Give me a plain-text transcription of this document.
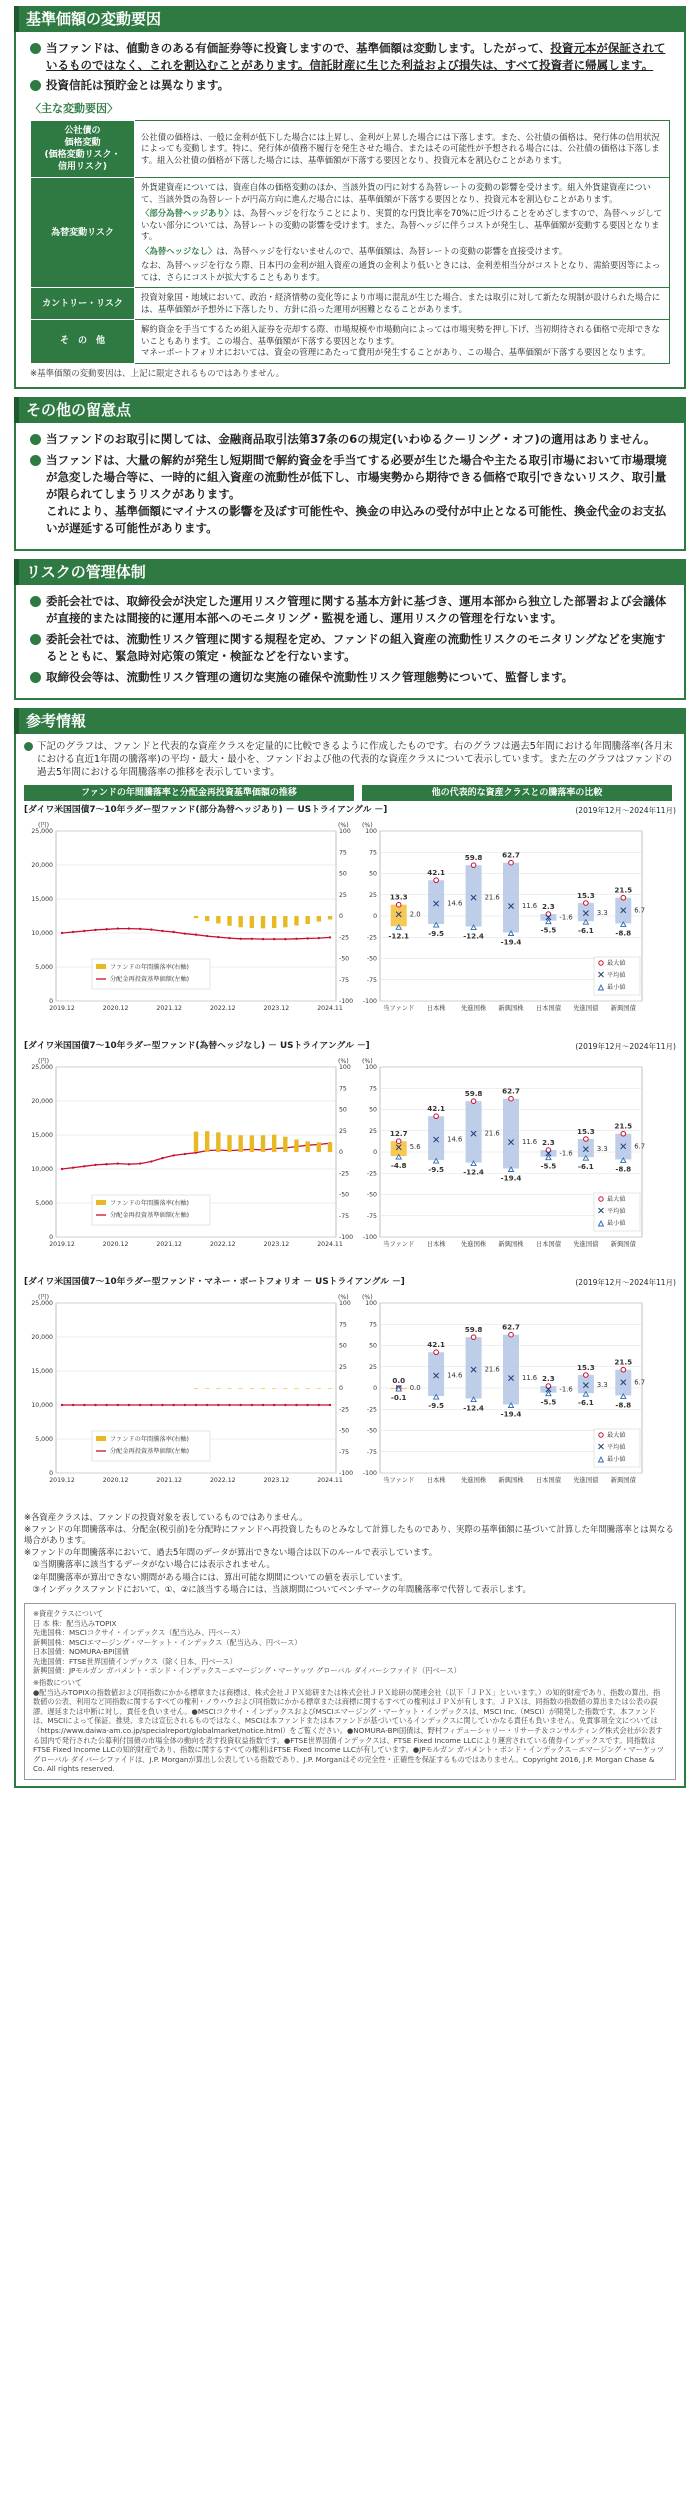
基準価額の変動要因
当ファンドは、値動きのある有価証券等に投資しますので、基準価額は変動します。したがって、投資元本が保証されているものではなく、これを割込むことがあります。信託財産に生じた利益および損失は、すべて投資者に帰属します。
投資信託は預貯金とは異なります。
〈主な変動要因〉
公社債の
価格変動
(価格変動リスク・
信用リスク)	公社債の価格は、一般に金利が低下した場合には上昇し、金利が上昇した場合には下落します。また、公社債の価格は、発行体の信用状況によっても変動します。特に、発行体が債務不履行を発生させた場合、またはその可能性が予想される場合には、公社債の価格は下落します。組入公社債の価格が下落した場合には、基準価額が下落する要因となり、投資元本を割込むことがあります。
為替変動リスク	外貨建資産については、資産自体の価格変動のほか、当該外貨の円に対する為替レートの変動の影響を受けます。組入外貨建資産について、当該外貨の為替レートが円高方向に進んだ場合には、基準価額が下落する要因となり、投資元本を割込むことがあります。
〈部分為替ヘッジあり〉は、為替ヘッジを行なうことにより、実質的な円貨比率を70%に近づけることをめざしますので、為替ヘッジしていない部分については、為替レートの変動の影響を受けます。また、為替ヘッジに伴うコストが発生し、基準価額が変動する要因となります。
〈為替ヘッジなし〉は、為替ヘッジを行ないませんので、基準価額は、為替レートの変動の影響を直接受けます。
なお、為替ヘッジを行なう際、日本円の金利が組入資産の通貨の金利より低いときには、金利差相当分がコストとなり、需給要因等によっては、さらにコストが拡大することもあります。

カントリー・リスク	投資対象国・地域において、政治・経済情勢の変化等により市場に混乱が生じた場合、または取引に対して新たな規制が設けられた場合には、基準価額が予想外に下落したり、方針に沿った運用が困難となることがあります。
そ　の　他	解約資金を手当てするため組入証券を売却する際、市場規模や市場動向によっては市場実勢を押し下げ、当初期待される価格で売却できないこともあります。この場合、基準価額が下落する要因となります。
マネーポートフォリオにおいては、資金の管理にあたって費用が発生することがあり、この場合、基準価額が下落する要因となります。
※基準価額の変動要因は、上記に限定されるものではありません。
その他の留意点
当ファンドのお取引に関しては、金融商品取引法第37条の6の規定(いわゆるクーリング・オフ)の適用はありません。
当ファンドは、大量の解約が発生し短期間で解約資金を手当てする必要が生じた場合や主たる取引市場において市場環境が急変した場合等に、一時的に組入資産の流動性が低下し、市場実勢から期待できる価格で取引できないリスク、取引量が限られてしまうリスクがあります。
これにより、基準価額にマイナスの影響を及ぼす可能性や、換金の申込みの受付が中止となる可能性、換金代金のお支払いが遅延する可能性があります。
リスクの管理体制
委託会社では、取締役会が決定した運用リスク管理に関する基本方針に基づき、運用本部から独立した部署および会議体が直接的または間接的に運用本部へのモニタリング・監視を通し、運用リスクの管理を行ないます。
委託会社では、流動性リスク管理に関する規程を定め、ファンドの組入資産の流動性リスクのモニタリングなどを実施するとともに、緊急時対応策の策定・検証などを行ないます。
取締役会等は、流動性リスク管理の適切な実施の確保や流動性リスク管理態勢について、監督します。
参考情報
下記のグラフは、ファンドと代表的な資産クラスを定量的に比較できるように作成したものです。右のグラフは過去5年間における年間騰落率(各月末における直近1年間の騰落率)の平均・最大・最小を、ファンドおよび他の代表的な資産クラスについて表示しています。また左のグラフはファンドの過去5年間における年間騰落率の推移を表示しています。
ファンドの年間騰落率と分配金再投資基準価額の推移	他の代表的な資産クラスとの騰落率の比較
[ダイワ米国国債7～10年ラダー型ファンド(部分為替ヘッジあり) － USトライアングル －]	(2019年12月～2024年11月)
(円)	(%)
0
5,000
10,000
15,000
20,000
25,000	100
75
50
25
0
-25
-50
-75
-100
2019.12	2020.12	2021.12	2022.12	2023.12	2024.11
ファンドの年間騰落率(右軸)
分配金再投資基準価額(左軸)
(%)
100
75
50
25
0
-25
-50
-75
-100
13.3
2.0
-12.1
当ファンド
42.1
14.6
-9.5
日本株
59.8
21.6
-12.4
先進国株
62.7
11.6
-19.4
新興国株
2.3
-1.6
-5.5
日本国債
15.3
3.3
-6.1
先進国債
21.5
6.7
-8.8
新興国債
最大値
平均値
最小値
[ダイワ米国国債7～10年ラダー型ファンド(為替ヘッジなし) － USトライアングル －]	(2019年12月～2024年11月)
(円)	(%)
0
5,000
10,000
15,000
20,000
25,000	100
75
50
25
0
-25
-50
-75
-100
2019.12	2020.12	2021.12	2022.12	2023.12	2024.11
ファンドの年間騰落率(右軸)
分配金再投資基準価額(左軸)
(%)
100
75
50
25
0
-25
-50
-75
-100
12.7
5.6
-4.8
当ファンド
42.1
14.6
-9.5
日本株
59.8
21.6
-12.4
先進国株
62.7
11.6
-19.4
新興国株
2.3
-1.6
-5.5
日本国債
15.3
3.3
-6.1
先進国債
21.5
6.7
-8.8
新興国債
最大値
平均値
最小値
[ダイワ米国国債7～10年ラダー型ファンド・マネー・ポートフォリオ － USトライアングル －]	(2019年12月～2024年11月)
(円)	(%)
0
5,000
10,000
15,000
20,000
25,000	100
75
50
25
0
-25
-50
-75
-100
2019.12	2020.12	2021.12	2022.12	2023.12	2024.11
ファンドの年間騰落率(右軸)
分配金再投資基準価額(左軸)
(%)
100
75
50
25
0
-25
-50
-75
-100
0.0
0.0
-0.1
当ファンド
42.1
14.6
-9.5
日本株
59.8
21.6
-12.4
先進国株
62.7
11.6
-19.4
新興国株
2.3
-1.6
-5.5
日本国債
15.3
3.3
-6.1
先進国債
21.5
6.7
-8.8
新興国債
最大値
平均値
最小値
※各資産クラスは、ファンドの投資対象を表しているものではありません。
※ファンドの年間騰落率は、分配金(税引前)を分配時にファンドへ再投資したものとみなして計算したものであり、実際の基準価額に基づいて計算した年間騰落率とは異なる場合があります。
※ファンドの年間騰落率において、過去5年間のデータが算出できない場合は以下のルールで表示しています。
　①当期騰落率に該当するデータがない場合には表示されません。
　②年間騰落率が算出できない期間がある場合には、算出可能な期間についての値を表示しています。
　③インデックスファンドにおいて、①、②に該当する場合には、当該期間についてベンチマークの年間騰落率で代替して表示します。
※資産クラスについて
日 本 株：配当込みTOPIX
先進国株：MSCIコクサイ・インデックス（配当込み、円ベース）
新興国株：MSCIエマージング・マーケット・インデックス（配当込み、円ベース）
日本国債：NOMURA-BPI国債
先進国債：FTSE世界国債インデックス（除く日本、円ベース）
新興国債：JPモルガン ガバメント・ボンド・インデックス－エマージング・マーケッツ グローバル ダイバーシファイド（円ベース）
※指数について
●配当込みTOPIXの指数値および同指数にかかる標章または商標は、株式会社ＪＰＸ総研または株式会社ＪＰＸ総研の関連会社（以下「ＪＰＸ」といいます。）の知的財産であり、指数の算出、指数値の公表、利用など同指数に関するすべての権利・ノウハウおよび同指数にかかる標章または商標に関するすべての権利はＪＰＸが有します。ＪＰＸは、同指数の指数値の算出または公表の誤謬、遅延または中断に対し、責任を負いません。●MSCIコクサイ・インデックスおよびMSCIエマージング・マーケット・インデックスは、MSCI Inc.（MSCI）が開発した指数です。本ファンドは、MSCIによって保証、推奨、または宣伝されるものではなく、MSCIは本ファンドまたは本ファンドが基づいているインデックスに関していかなる責任も負いません。免責事項全文については（https://www.daiwa-am.co.jp/specialreport/globalmarket/notice.html）をご覧ください。●NOMURA-BPI国債は、野村フィデューシャリー・リサーチ＆コンサルティング株式会社が公表する国内で発行された公募利付国債の市場全体の動向を表す投資収益指数です。●FTSE世界国債インデックスは、FTSE Fixed Income LLCにより運営されている債券インデックスです。同指数はFTSE Fixed Income LLCの知的財産であり、指数に関するすべての権利はFTSE Fixed Income LLCが有しています。●JPモルガン ガバメント・ボンド・インデックス－エマージング・マーケッツ グローバル ダイバーシファイドは、J.P. Morganが算出し公表している指数であり、J.P. Morganはその完全性・正確性を保証するものではありません。Copyright 2016, J.P. Morgan Chase & Co. All rights reserved.
